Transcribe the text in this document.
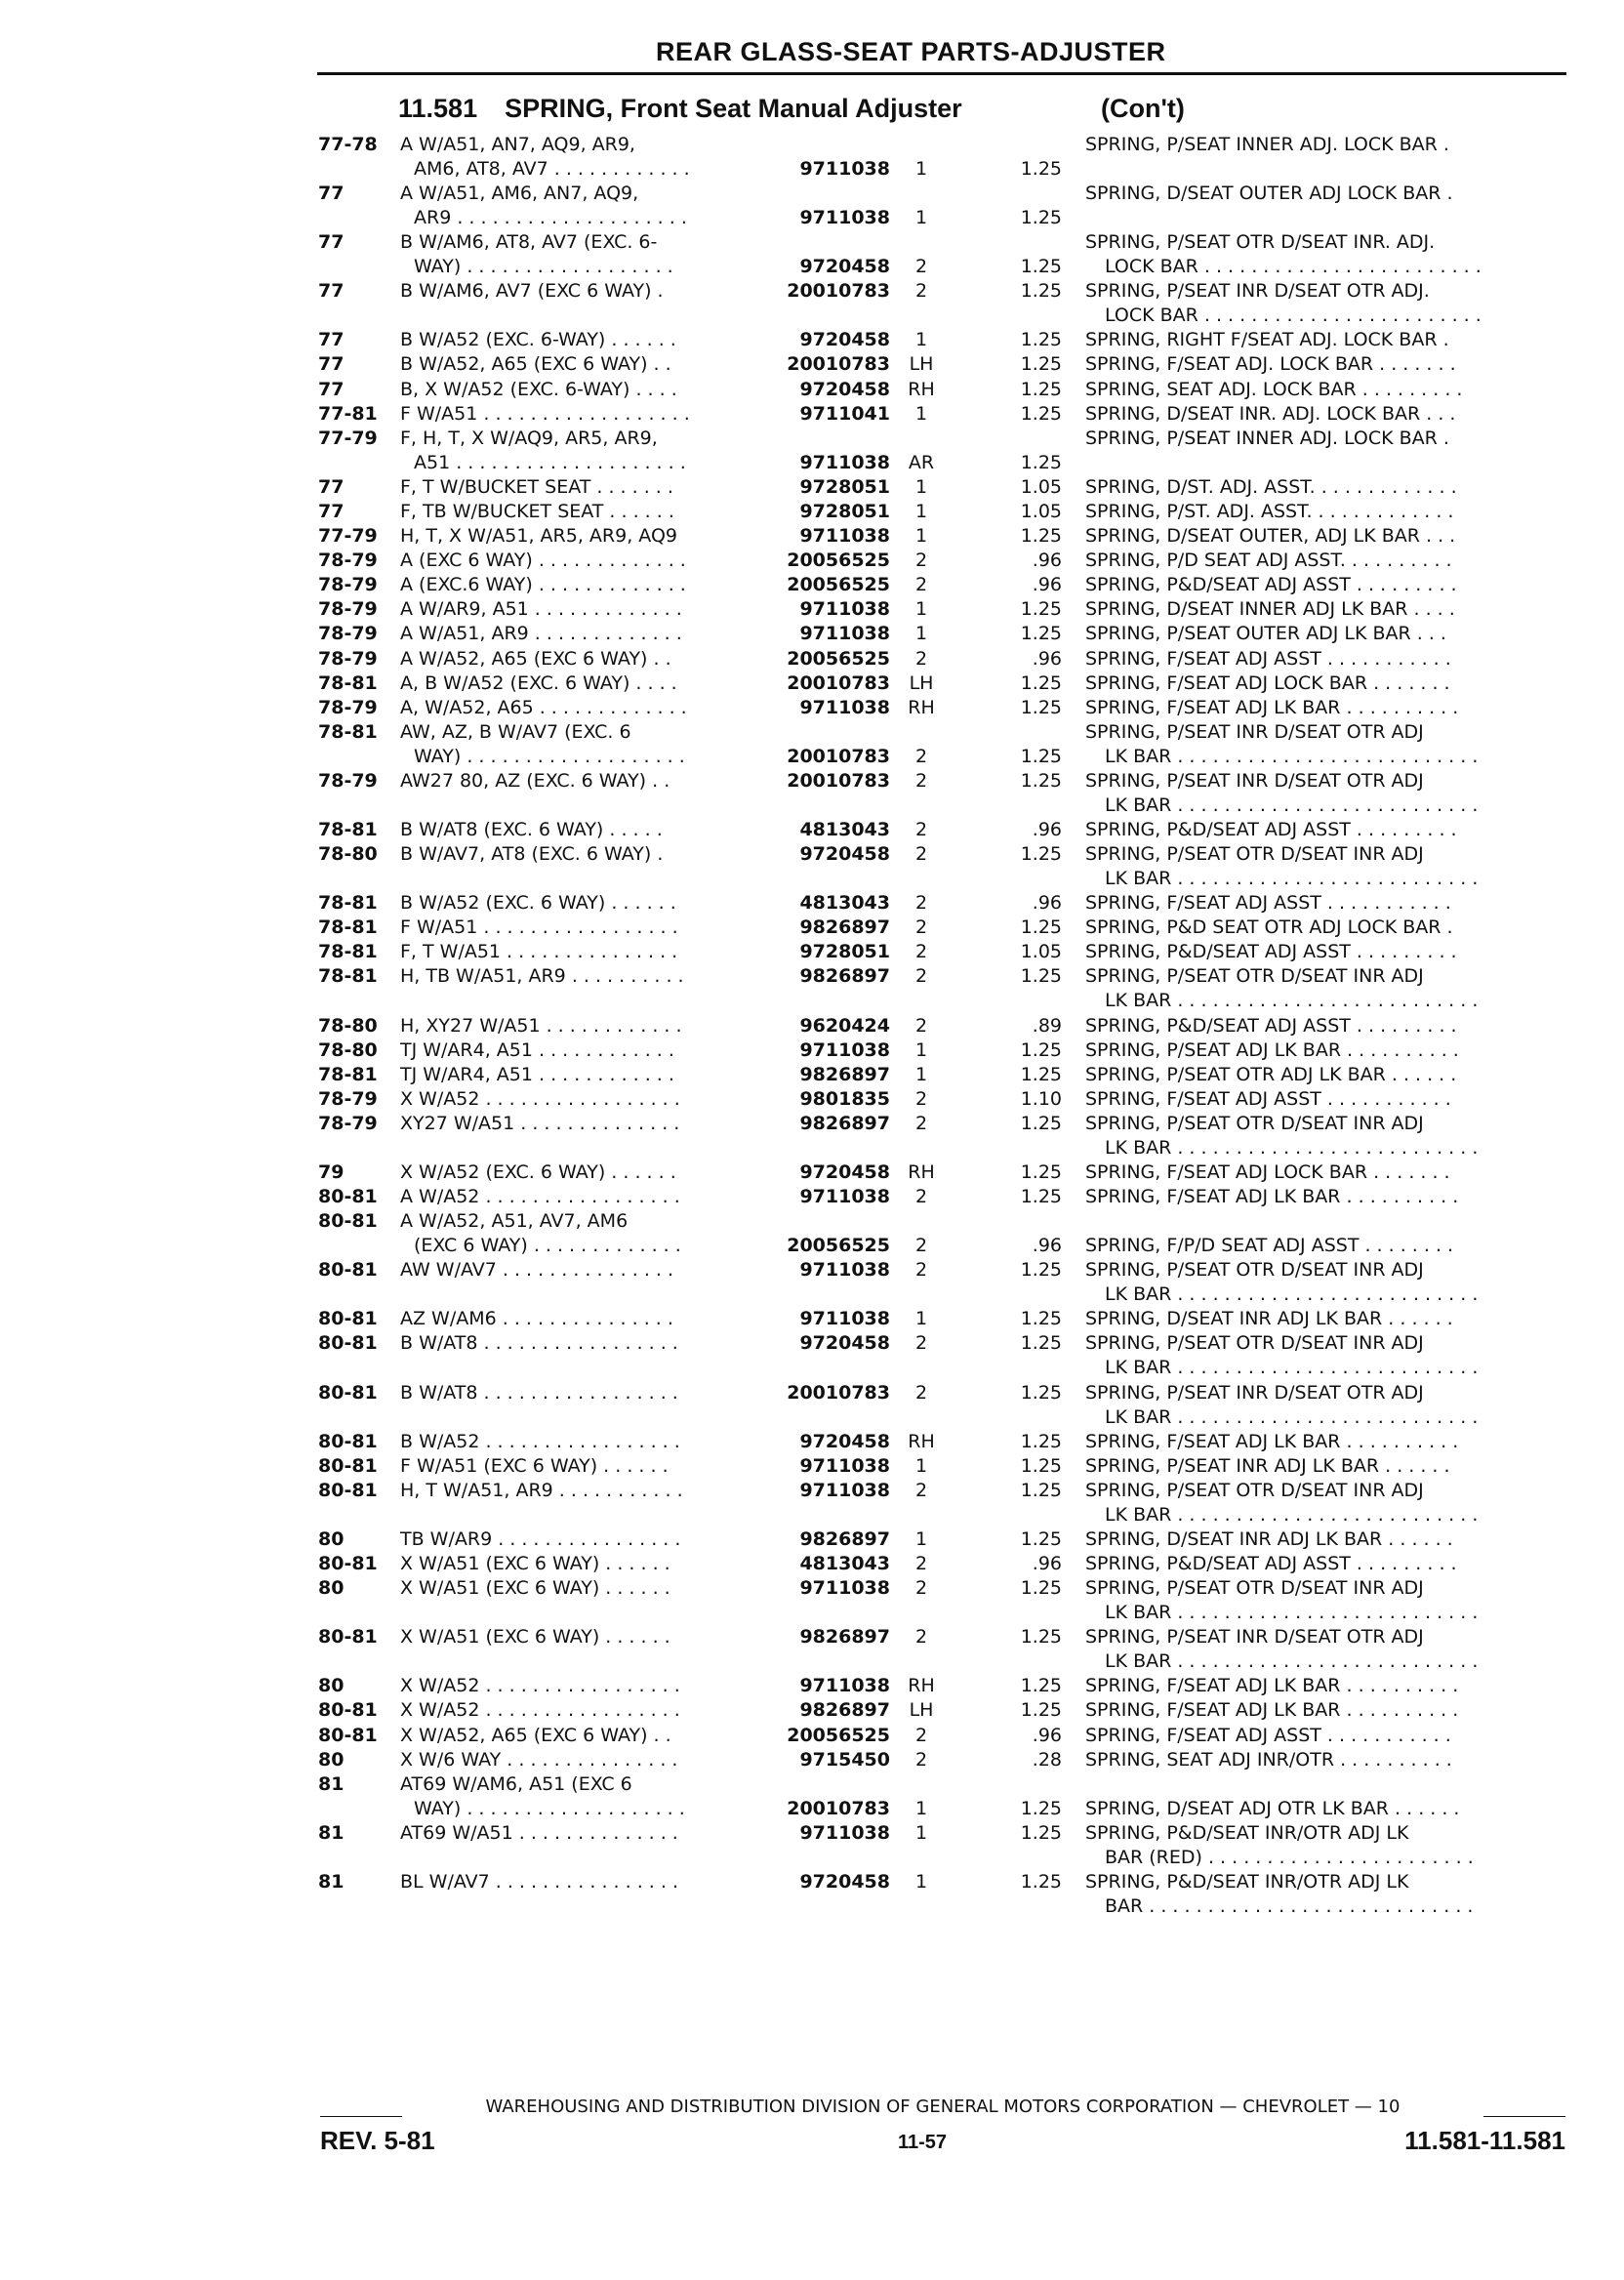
REAR GLASS-SEAT PARTS-ADJUSTER
11.581 SPRING, Front Seat Manual Adjuster	(Con't)
77-78	A W/A51, AN7, AQ9, AR9,
AM6, AT8, AV7 . . . . . . . . . . . .	9711038	1	1.25
SPRING, P/SEAT INNER ADJ. LOCK BAR .
77	A W/A51, AM6, AN7, AQ9,
AR9 . . . . . . . . . . . . . . . . . . . .	9711038	1	1.25
SPRING, D/SEAT OUTER ADJ LOCK BAR .
77	B W/AM6, AT8, AV7 (EXC. 6-
WAY) . . . . . . . . . . . . . . . . . .	9720458	2	1.25
SPRING, P/SEAT OTR D/SEAT INR. ADJ.
LOCK BAR . . . . . . . . . . . . . . . . . . . . . . . .
77	B W/AM6, AV7 (EXC 6 WAY) .	20010783	2	1.25 SPRING, P/SEAT INR D/SEAT OTR ADJ.
LOCK BAR . . . . . . . . . . . . . . . . . . . . . . . .
77	B W/A52 (EXC. 6-WAY) . . . . . .	9720458	1	1.25 SPRING, RIGHT F/SEAT ADJ. LOCK BAR .
77	B W/A52, A65 (EXC 6 WAY) . .	20010783	LH	1.25 SPRING, F/SEAT ADJ. LOCK BAR . . . . . . .
77	B, X W/A52 (EXC. 6-WAY) . . . .	9720458 RH	1.25 SPRING, SEAT ADJ. LOCK BAR . . . . . . . . .
77-81	F W/A51 . . . . . . . . . . . . . . . . . .	9711041	1	1.25 SPRING, D/SEAT INR. ADJ. LOCK BAR . . .
77-79	F, H, T, X W/AQ9, AR5, AR9,
A51 . . . . . . . . . . . . . . . . . . . .	9711038 AR	1.25
SPRING, P/SEAT INNER ADJ. LOCK BAR .
77	F, T W/BUCKET SEAT . . . . . . .	9728051	1	1.05 SPRING, D/ST. ADJ. ASST. . . . . . . . . . . . .
77	F, TB W/BUCKET SEAT . . . . . .	9728051	1	1.05 SPRING, P/ST. ADJ. ASST. . . . . . . . . . . . .
77-79	H, T, X W/A51, AR5, AR9, AQ9	9711038	1	1.25 SPRING, D/SEAT OUTER, ADJ LK BAR . . .
78-79	A (EXC 6 WAY) . . . . . . . . . . . . .	20056525	2	.96 SPRING, P/D SEAT ADJ ASST. . . . . . . . . .
78-79	A (EXC.6 WAY) . . . . . . . . . . . . .	20056525	2	.96 SPRING, P&D/SEAT ADJ ASST . . . . . . . . .
78-79	A W/AR9, A51 . . . . . . . . . . . . .	9711038	1	1.25 SPRING, D/SEAT INNER ADJ LK BAR . . . .
78-79	A W/A51, AR9 . . . . . . . . . . . . .	9711038	1	1.25 SPRING, P/SEAT OUTER ADJ LK BAR . . .
78-79	A W/A52, A65 (EXC 6 WAY) . .	20056525	2	.96 SPRING, F/SEAT ADJ ASST . . . . . . . . . . .
78-81	A, B W/A52 (EXC. 6 WAY) . . . .	20010783	LH	1.25 SPRING, F/SEAT ADJ LOCK BAR . . . . . . .
78-79	A, W/A52, A65 . . . . . . . . . . . . .	9711038 RH	1.25 SPRING, F/SEAT ADJ LK BAR . . . . . . . . . .
78-81	AW, AZ, B W/AV7 (EXC. 6
WAY) . . . . . . . . . . . . . . . . . . .	20010783	2	1.25
SPRING, P/SEAT INR D/SEAT OTR ADJ
LK BAR . . . . . . . . . . . . . . . . . . . . . . . . . .
78-79	AW27 80, AZ (EXC. 6 WAY) . .	20010783	2	1.25 SPRING, P/SEAT INR D/SEAT OTR ADJ
LK BAR . . . . . . . . . . . . . . . . . . . . . . . . . .
78-81	B W/AT8 (EXC. 6 WAY) . . . . .	4813043	2	.96 SPRING, P&D/SEAT ADJ ASST . . . . . . . . .
78-80	B W/AV7, AT8 (EXC. 6 WAY) .	9720458	2	1.25 SPRING, P/SEAT OTR D/SEAT INR ADJ
LK BAR . . . . . . . . . . . . . . . . . . . . . . . . . .
78-81	B W/A52 (EXC. 6 WAY) . . . . . .	4813043	2	.96 SPRING, F/SEAT ADJ ASST . . . . . . . . . . .
78-81	F W/A51 . . . . . . . . . . . . . . . . .	9826897	2	1.25 SPRING, P&D SEAT OTR ADJ LOCK BAR .
78-81	F, T W/A51 . . . . . . . . . . . . . . .	9728051	2	1.05 SPRING, P&D/SEAT ADJ ASST . . . . . . . . .
78-81	H, TB W/A51, AR9 . . . . . . . . . .	9826897	2	1.25 SPRING, P/SEAT OTR D/SEAT INR ADJ
LK BAR . . . . . . . . . . . . . . . . . . . . . . . . . .
78-80	H, XY27 W/A51 . . . . . . . . . . . .	9620424	2	.89 SPRING, P&D/SEAT ADJ ASST . . . . . . . . .
78-80	TJ W/AR4, A51 . . . . . . . . . . . .	9711038	1	1.25 SPRING, P/SEAT ADJ LK BAR . . . . . . . . . .
78-81	TJ W/AR4, A51 . . . . . . . . . . . .	9826897	1	1.25 SPRING, P/SEAT OTR ADJ LK BAR . . . . . .
78-79	X W/A52 . . . . . . . . . . . . . . . . .	9801835	2	1.10 SPRING, F/SEAT ADJ ASST . . . . . . . . . . .
78-79	XY27 W/A51 . . . . . . . . . . . . . .	9826897	2	1.25 SPRING, P/SEAT OTR D/SEAT INR ADJ
LK BAR . . . . . . . . . . . . . . . . . . . . . . . . . .
79	X W/A52 (EXC. 6 WAY) . . . . . .	9720458 RH	1.25 SPRING, F/SEAT ADJ LOCK BAR . . . . . . .
80-81	A W/A52 . . . . . . . . . . . . . . . . .	9711038	2	1.25 SPRING, F/SEAT ADJ LK BAR . . . . . . . . . .
80-81	A W/A52, A51, AV7, AM6
(EXC 6 WAY) . . . . . . . . . . . . .	20056525	2	.96 SPRING, F/P/D SEAT ADJ ASST . . . . . . . .
80-81	AW W/AV7 . . . . . . . . . . . . . . .	9711038	2	1.25 SPRING, P/SEAT OTR D/SEAT INR ADJ
LK BAR . . . . . . . . . . . . . . . . . . . . . . . . . .
80-81	AZ W/AM6 . . . . . . . . . . . . . . .	9711038	1	1.25 SPRING, D/SEAT INR ADJ LK BAR . . . . . .
80-81	B W/AT8 . . . . . . . . . . . . . . . . .	9720458	2	1.25 SPRING, P/SEAT OTR D/SEAT INR ADJ
LK BAR . . . . . . . . . . . . . . . . . . . . . . . . . .
80-81	B W/AT8 . . . . . . . . . . . . . . . . .	20010783	2	1.25 SPRING, P/SEAT INR D/SEAT OTR ADJ
LK BAR . . . . . . . . . . . . . . . . . . . . . . . . . .
80-81	B W/A52 . . . . . . . . . . . . . . . . .	9720458 RH	1.25 SPRING, F/SEAT ADJ LK BAR . . . . . . . . . .
80-81	F W/A51 (EXC 6 WAY) . . . . . .	9711038	1	1.25 SPRING, P/SEAT INR ADJ LK BAR . . . . . .
80-81	H, T W/A51, AR9 . . . . . . . . . . .	9711038	2	1.25 SPRING, P/SEAT OTR D/SEAT INR ADJ
LK BAR . . . . . . . . . . . . . . . . . . . . . . . . . .
80	TB W/AR9 . . . . . . . . . . . . . . . .	9826897	1	1.25 SPRING, D/SEAT INR ADJ LK BAR . . . . . .
80-81	X W/A51 (EXC 6 WAY) . . . . . .	4813043	2	.96 SPRING, P&D/SEAT ADJ ASST . . . . . . . . .
80	X W/A51 (EXC 6 WAY) . . . . . .	9711038	2	1.25 SPRING, P/SEAT OTR D/SEAT INR ADJ
LK BAR . . . . . . . . . . . . . . . . . . . . . . . . . .
80-81	X W/A51 (EXC 6 WAY) . . . . . .	9826897	2	1.25 SPRING, P/SEAT INR D/SEAT OTR ADJ
LK BAR . . . . . . . . . . . . . . . . . . . . . . . . . .
80	X W/A52 . . . . . . . . . . . . . . . . .	9711038 RH	1.25 SPRING, F/SEAT ADJ LK BAR . . . . . . . . . .
80-81	X W/A52 . . . . . . . . . . . . . . . . .	9826897	LH	1.25 SPRING, F/SEAT ADJ LK BAR . . . . . . . . . .
80-81	X W/A52, A65 (EXC 6 WAY) . .	20056525	2	.96 SPRING, F/SEAT ADJ ASST . . . . . . . . . . .
80	X W/6 WAY . . . . . . . . . . . . . . .	9715450	2	.28 SPRING, SEAT ADJ INR/OTR . . . . . . . . . .
81	AT69 W/AM6, A51 (EXC 6
WAY) . . . . . . . . . . . . . . . . . . .	20010783	1	1.25 SPRING, D/SEAT ADJ OTR LK BAR . . . . . .
81	AT69 W/A51 . . . . . . . . . . . . . .	9711038	1	1.25 SPRING, P&D/SEAT INR/OTR ADJ LK
BAR (RED) . . . . . . . . . . . . . . . . . . . . . . .
81	BL W/AV7 . . . . . . . . . . . . . . . .	9720458	1	1.25 SPRING, P&D/SEAT INR/OTR ADJ LK
BAR . . . . . . . . . . . . . . . . . . . . . . . . . . . .
WAREHOUSING AND DISTRIBUTION DIVISION OF GENERAL MOTORS CORPORATION — CHEVROLET — 10
REV. 5-81	11-57	11.581-11.581
